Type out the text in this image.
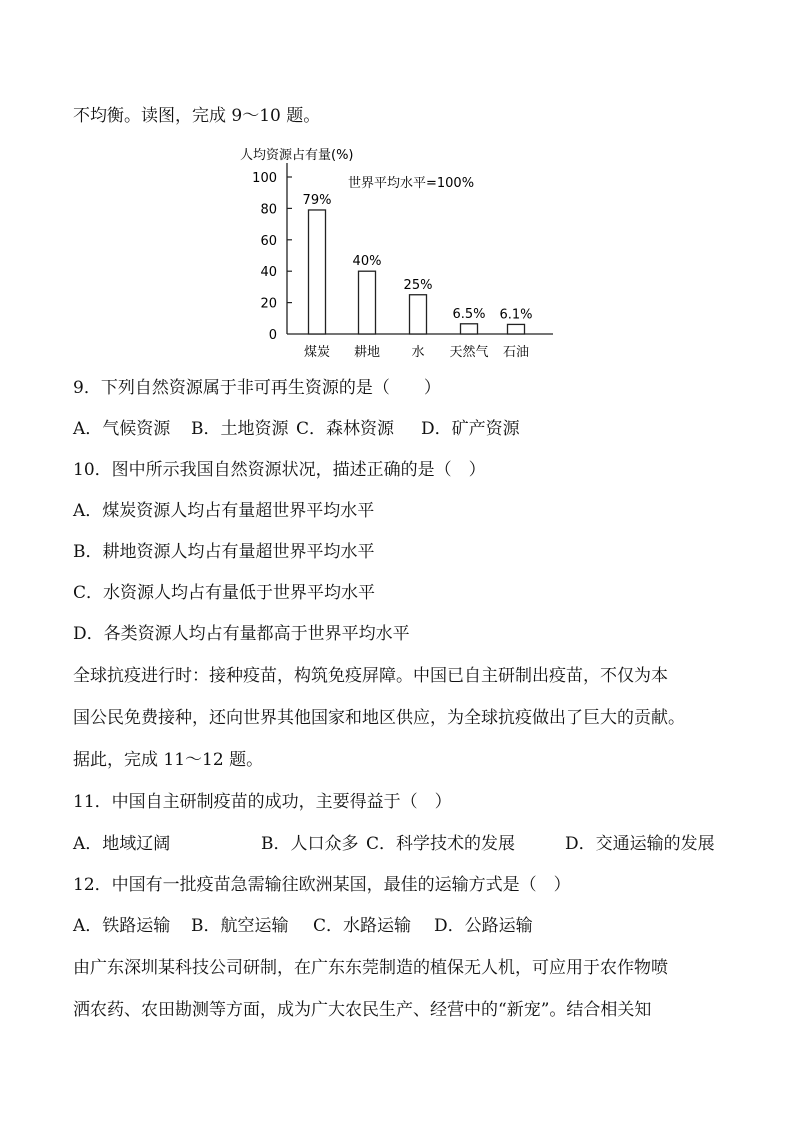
不均衡。读图，完成 9～10 题。
人均资源占有量(%)
世界平均水平=100%
0
20
40
60
80
100
79%
煤炭
40%
耕地
25%
水
6.5%
天然气
6.1%
石油
9．下列自然资源属于非可再生资源的是（　　）
A．气候资源 B．土地资源 C．森林资源 D．矿产资源
10．图中所示我国自然资源状况，描述正确的是（　）
A．煤炭资源人均占有量超世界平均水平
B．耕地资源人均占有量超世界平均水平
C．水资源人均占有量低于世界平均水平
D．各类资源人均占有量都高于世界平均水平
全球抗疫进行时：接种疫苗，构筑免疫屏障。中国已自主研制出疫苗，不仅为本
国公民免费接种，还向世界其他国家和地区供应，为全球抗疫做出了巨大的贡献。
据此，完成 11～12 题。
11．中国自主研制疫苗的成功，主要得益于（　）
A．地域辽阔	B．人口众多 C．科学技术的发展	D．交通运输的发展
12．中国有一批疫苗急需输往欧洲某国，最佳的运输方式是（　）
A．铁路运输 B．航空运输 C．水路运输 D．公路运输
由广东深圳某科技公司研制，在广东东莞制造的植保无人机，可应用于农作物喷
洒农药、农田勘测等方面，成为广大农民生产、经营中的“新宠”。结合相关知
